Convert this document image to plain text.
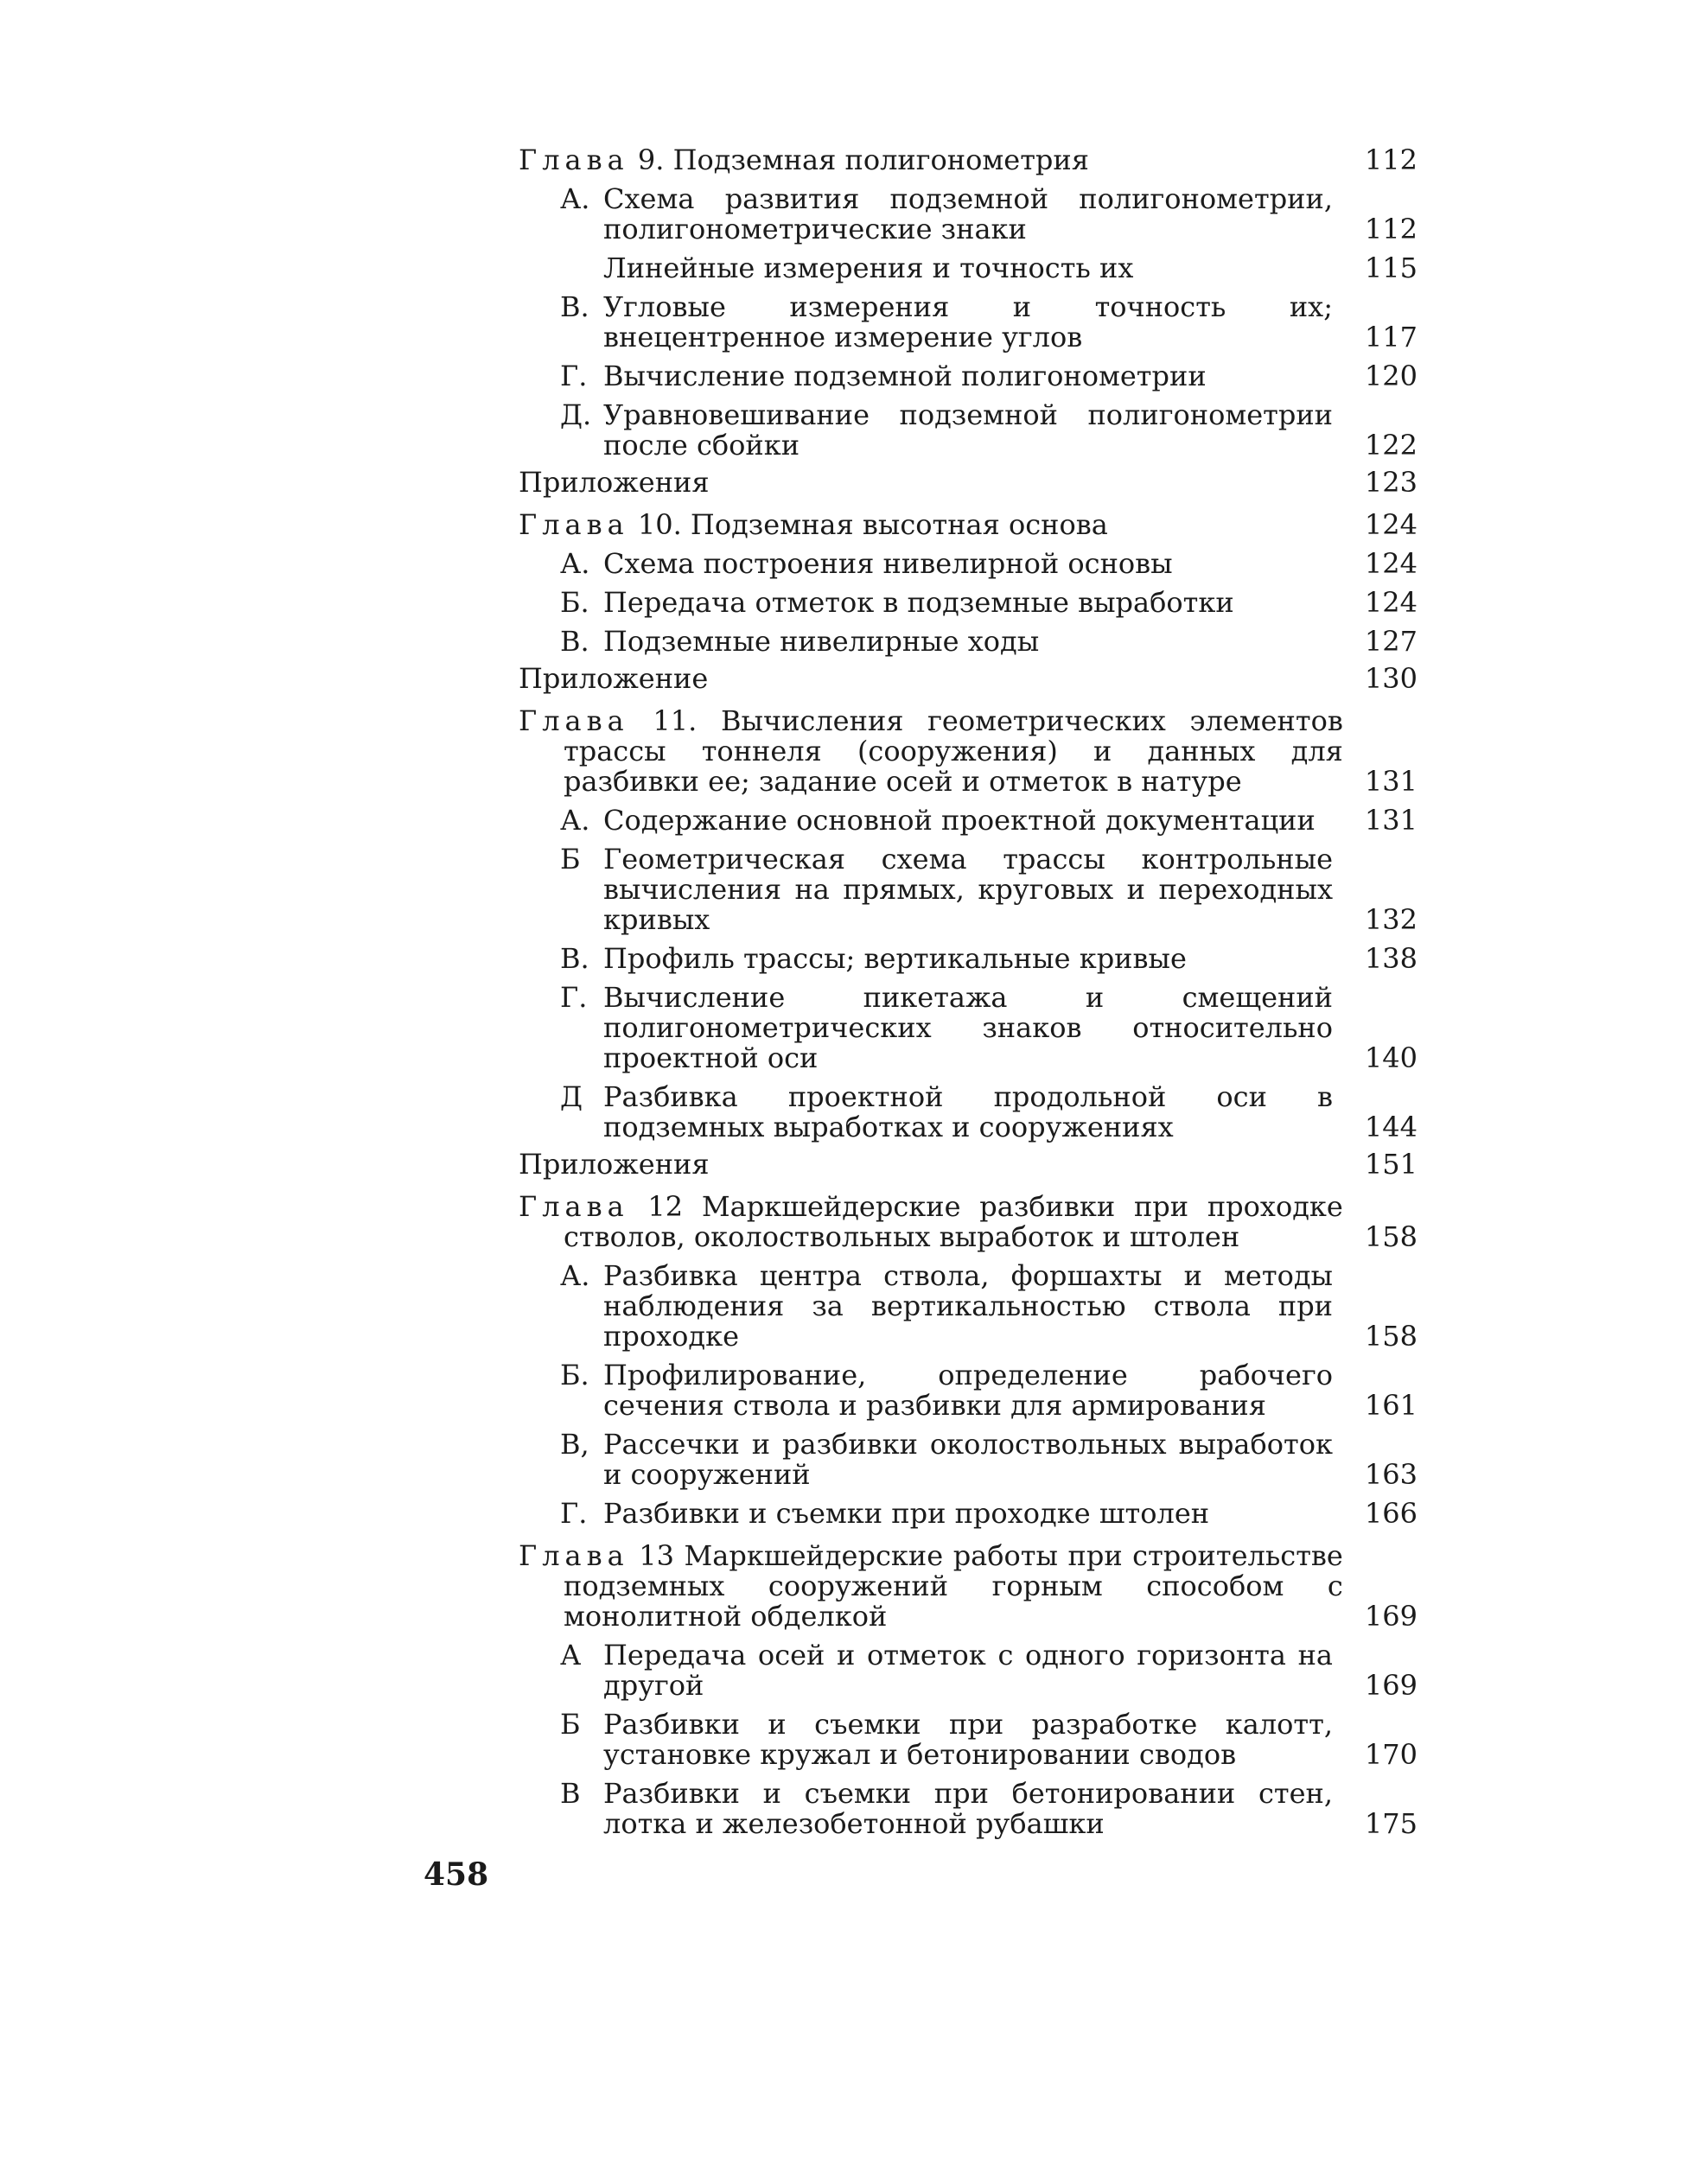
Глава 9. Подземная полигонометрия	112
А. Схема развития подземной полигонометрии, полигонометрические знаки	112
Линейные измерения и точность их	115
В. Угловые измерения и точность их; внецентренное измерение углов	117
Г. Вычисление подземной полигонометрии	120
Д. Уравновешивание подземной полигонометрии после сбойки	122
Приложения	123
Глава 10. Подземная высотная основа	124
А. Схема построения нивелирной основы	124
Б. Передача отметок в подземные выработки	124
В. Подземные нивелирные ходы	127
Приложение	130
Глава 11. Вычисления геометрических элементов трассы тоннеля (сооружения) и данных для разбивки ее; задание осей и отметок в натуре	131
А. Содержание основной проектной документации	131
Б Геометрическая схема трассы контрольные вычисления на прямых, круговых и переходных кривых	132
В. Профиль трассы; вертикальные кривые	138
Г. Вычисление пикетажа и смещений полигонометрических знаков относительно проектной оси	140
Д Разбивка проектной продольной оси в подземных выработках и сооружениях	144
Приложения	151
Глава 12 Маркшейдерские разбивки при проходке стволов, околоствольных выработок и штолен	158
А. Разбивка центра ствола, форшахты и методы наблюдения за вертикальностью ствола при проходке	158
Б. Профилирование, определение рабочего сечения ствола и разбивки для армирования	161
В, Рассечки и разбивки околоствольных выработок и сооружений	163
Г. Разбивки и съемки при проходке штолен	166
Глава 13 Маркшейдерские работы при строительстве подземных сооружений горным способом с монолитной обделкой	169
А Передача осей и отметок с одного горизонта на другой	169
Б Разбивки и съемки при разработке калотт, установке кружал и бетонировании сводов	170
В Разбивки и съемки при бетонировании стен, лотка и железобетонной рубашки	175
458
